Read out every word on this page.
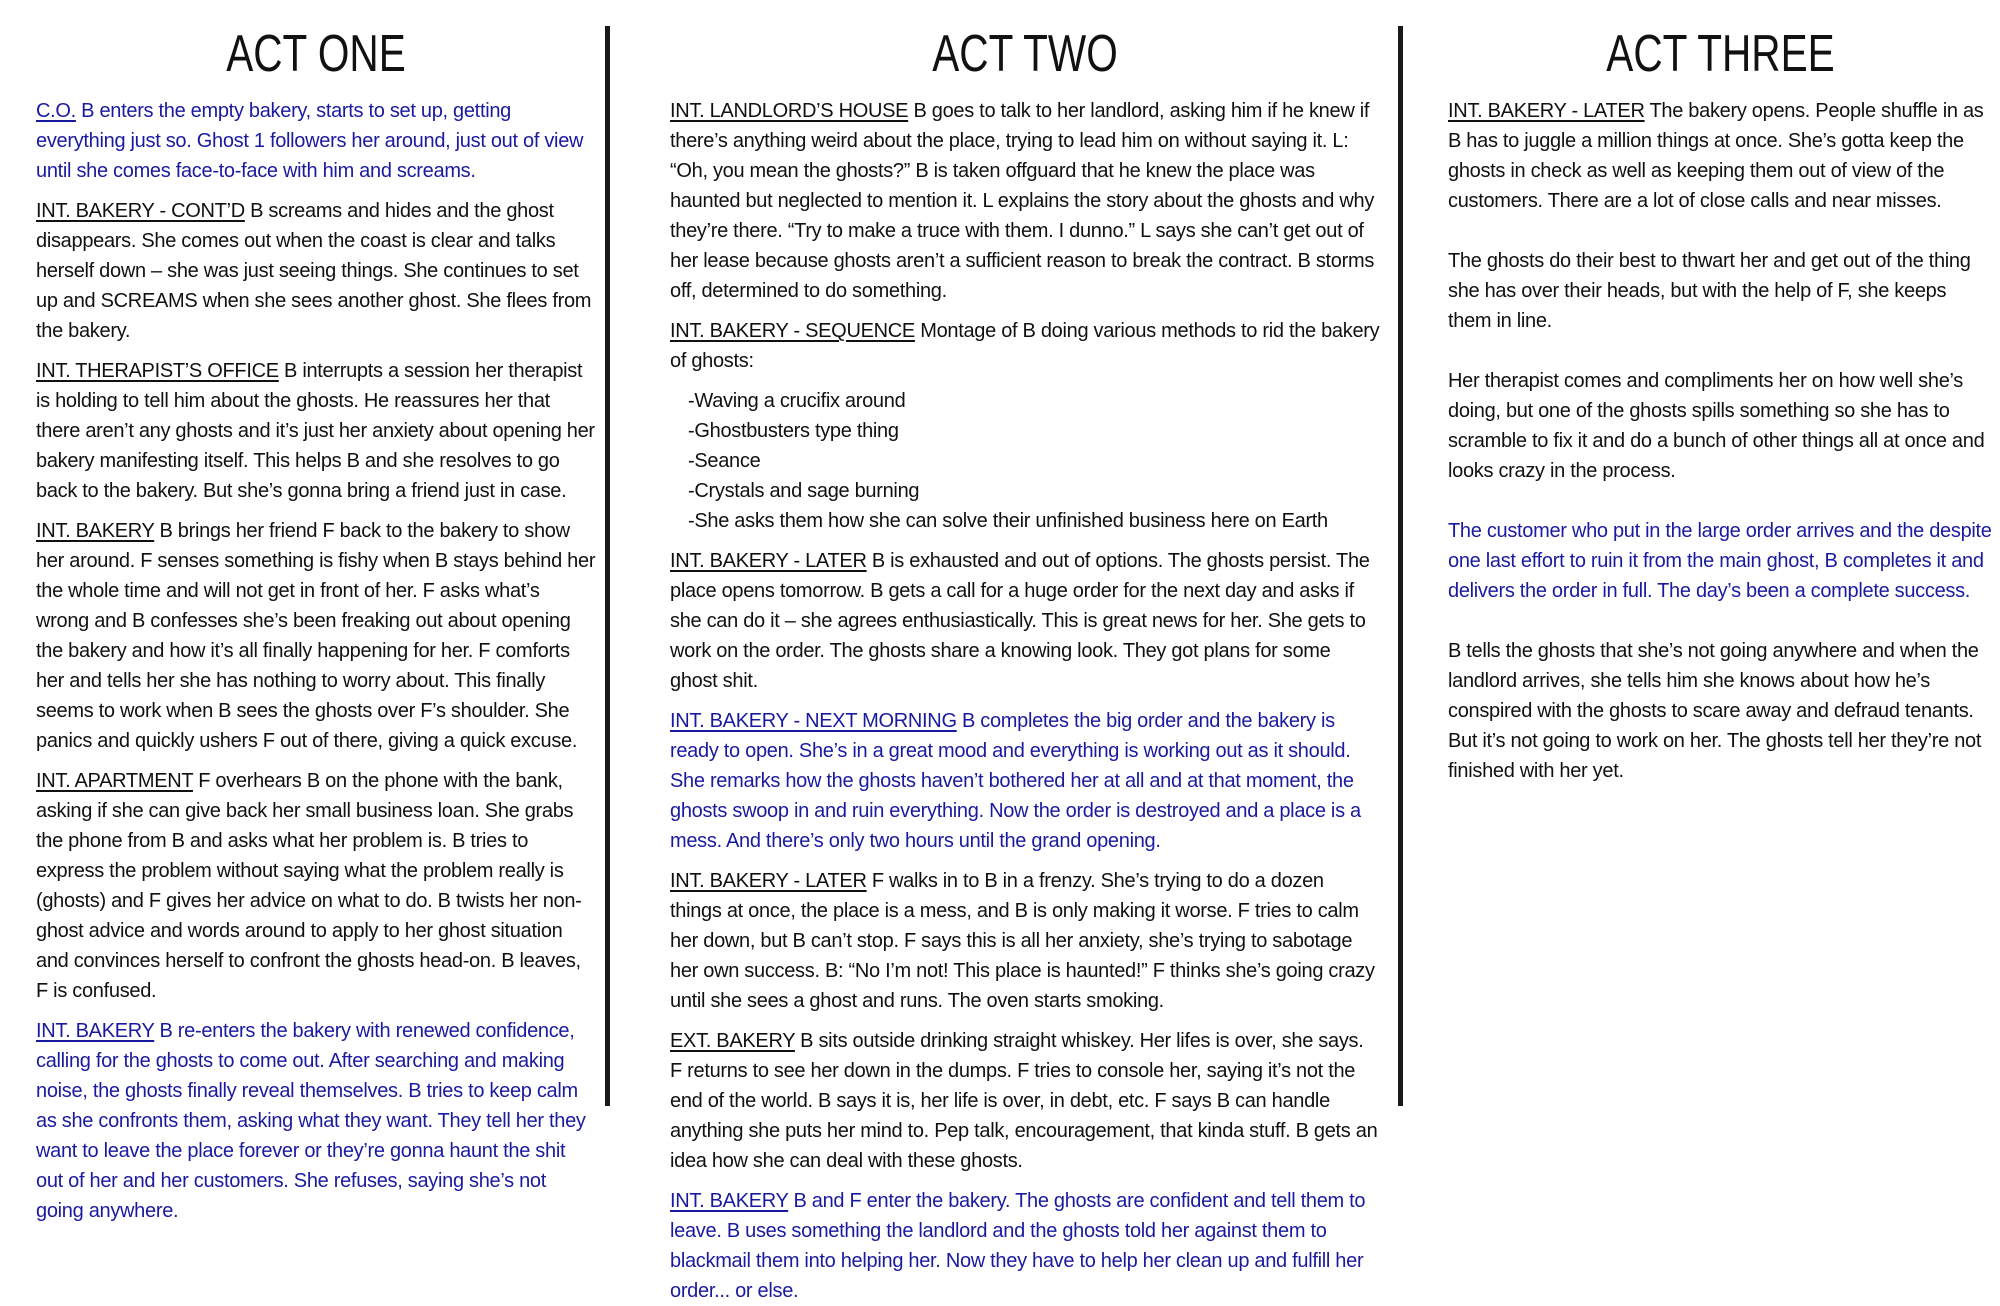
ACT ONE

C.O. B enters the empty bakery, starts to set up, getting everything just so. Ghost 1 followers her around, just out of view until she comes face-to-face with him and screams.

INT. BAKERY - CONT’D B screams and hides and the ghost disappears. She comes out when the coast is clear and talks herself down – she was just seeing things. She continues to set up and SCREAMS when she sees another ghost. She flees from the bakery.

INT. THERAPIST’S OFFICE B interrupts a session her therapist is holding to tell him about the ghosts. He reassures her that there aren’t any ghosts and it’s just her anxiety about opening her bakery manifesting itself. This helps B and she resolves to go back to the bakery. But she’s gonna bring a friend just in case.

INT. BAKERY B brings her friend F back to the bakery to show her around. F senses something is fishy when B stays behind her the whole time and will not get in front of her. F asks what’s wrong and B confesses she’s been freaking out about opening the bakery and how it’s all finally happening for her. F comforts her and tells her she has nothing to worry about. This finally seems to work when B sees the ghosts over F’s shoulder. She panics and quickly ushers F out of there, giving a quick excuse.

INT. APARTMENT F overhears B on the phone with the bank, asking if she can give back her small business loan. She grabs the phone from B and asks what her problem is. B tries to express the problem without saying what the problem really is (ghosts) and F gives her advice on what to do. B twists her non-ghost advice and words around to apply to her ghost situation and convinces herself to confront the ghosts head-on. B leaves, F is confused.

INT. BAKERY B re-enters the bakery with renewed confidence, calling for the ghosts to come out. After searching and making noise, the ghosts finally reveal themselves. B tries to keep calm as she confronts them, asking what they want. They tell her they want to leave the place forever or they’re gonna haunt the shit out of her and her customers. She refuses, saying she’s not going anywhere.

ACT TWO

INT. LANDLORD’S HOUSE B goes to talk to her landlord, asking him if he knew if there’s anything weird about the place, trying to lead him on without saying it. L: “Oh, you mean the ghosts?” B is taken offguard that he knew the place was haunted but neglected to mention it. L explains the story about the ghosts and why they’re there. “Try to make a truce with them. I dunno.” L says she can’t get out of her lease because ghosts aren’t a sufficient reason to break the contract. B storms off, determined to do something.

INT. BAKERY - SEQUENCE Montage of B doing various methods to rid the bakery of ghosts:

-Waving a crucifix around
-Ghostbusters type thing
-Seance
-Crystals and sage burning
-She asks them how she can solve their unfinished business here on Earth

INT. BAKERY - LATER B is exhausted and out of options. The ghosts persist. The place opens tomorrow. B gets a call for a huge order for the next day and asks if she can do it – she agrees enthusiastically. This is great news for her. She gets to work on the order. The ghosts share a knowing look. They got plans for some ghost shit.

INT. BAKERY - NEXT MORNING B completes the big order and the bakery is ready to open. She’s in a great mood and everything is working out as it should. She remarks how the ghosts haven’t bothered her at all and at that moment, the ghosts swoop in and ruin everything. Now the order is destroyed and a place is a mess. And there’s only two hours until the grand opening.

INT. BAKERY - LATER F walks in to B in a frenzy. She’s trying to do a dozen things at once, the place is a mess, and B is only making it worse. F tries to calm her down, but B can’t stop. F says this is all her anxiety, she’s trying to sabotage her own success. B: “No I’m not! This place is haunted!” F thinks she’s going crazy until she sees a ghost and runs. The oven starts smoking.

EXT. BAKERY B sits outside drinking straight whiskey. Her lifes is over, she says. F returns to see her down in the dumps. F tries to console her, saying it’s not the end of the world. B says it is, her life is over, in debt, etc. F says B can handle anything she puts her mind to. Pep talk, encouragement, that kinda stuff. B gets an idea how she can deal with these ghosts.

INT. BAKERY B and F enter the bakery. The ghosts are confident and tell them to leave. B uses something the landlord and the ghosts told her against them to blackmail them into helping her. Now they have to help her clean up and fulfill her order... or else.

ACT THREE

INT. BAKERY - LATER The bakery opens. People shuffle in as B has to juggle a million things at once. She’s gotta keep the ghosts in check as well as keeping them out of view of the customers. There are a lot of close calls and near misses.

The ghosts do their best to thwart her and get out of the thing she has over their heads, but with the help of F, she keeps them in line.

Her therapist comes and compliments her on how well she’s doing, but one of the ghosts spills something so she has to scramble to fix it and do a bunch of other things all at once and looks crazy in the process.

The customer who put in the large order arrives and the despite one last effort to ruin it from the main ghost, B completes it and delivers the order in full. The day’s been a complete success.

B tells the ghosts that she’s not going anywhere and when the landlord arrives, she tells him she knows about how he’s conspired with the ghosts to scare away and defraud tenants. But it’s not going to work on her. The ghosts tell her they’re not finished with her yet.
